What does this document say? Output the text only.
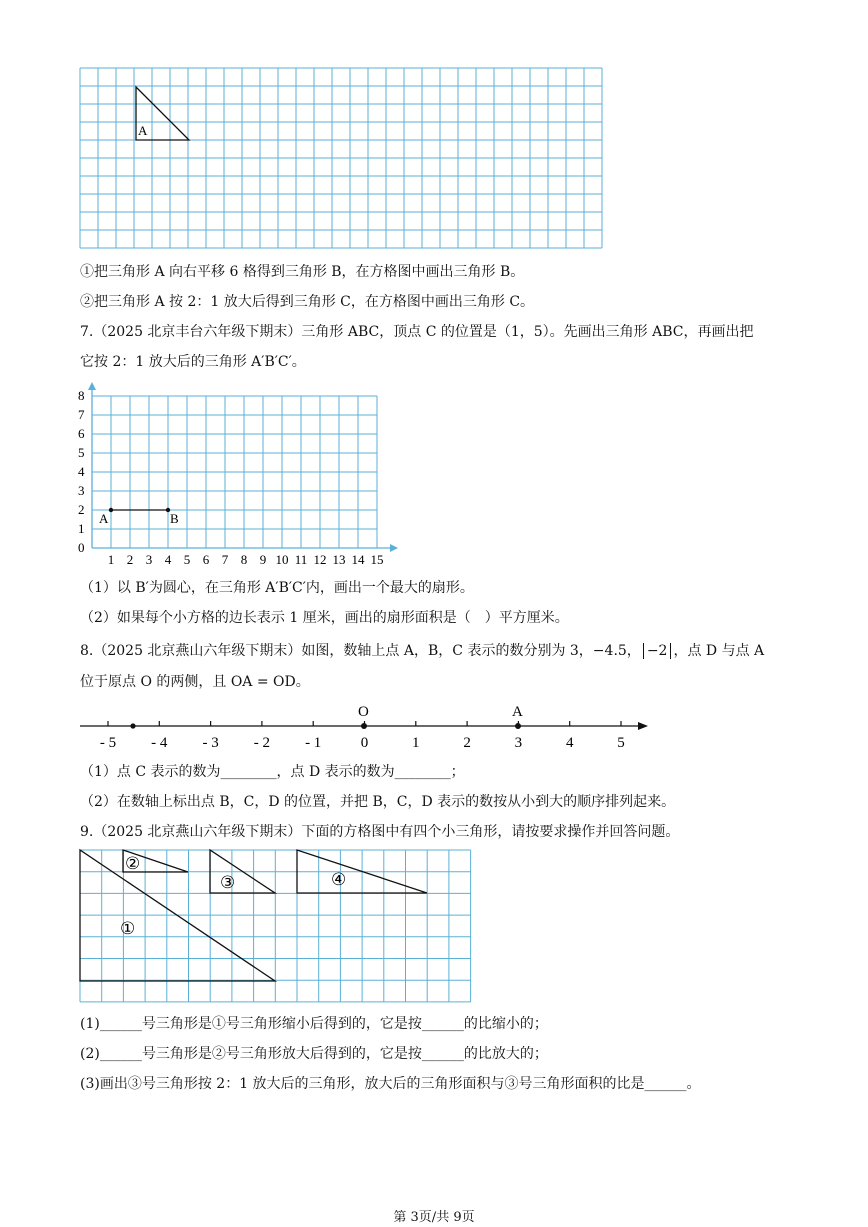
A
①把三角形 A 向右平移 6 格得到三角形 B，在方格图中画出三角形 B。
②把三角形 A 按 2：1 放大后得到三角形 C，在方格图中画出三角形 C。
7.（2025 北京丰台六年级下期末）三角形 ABC，顶点 C 的位置是（1，5）。先画出三角形 ABC，再画出把
它按 2：1 放大后的三角形 A′B′C′。
0
1
2
3
4
5
6
7
8
1 2 3 4 5 6 7 8 9 10 11 12 13 14 15
A	B
（1）以 B′为圆心，在三角形 A′B′C′内，画出一个最大的扇形。
（2）如果每个小方格的边长表示 1 厘米，画出的扇形面积是（　）平方厘米。
8.（2025 北京燕山六年级下期末）如图，数轴上点 A，B，C 表示的数分别为 3，−4.5， −2 ，点 D 与点 A
位于原点 O 的两侧，且 OA = OD。
- 5 - 4 - 3 - 2 - 1	0	1	2	3	4	5
O	A
（1）点 C 表示的数为________，点 D 表示的数为________；
（2）在数轴上标出点 B，C，D 的位置，并把 B，C，D 表示的数按从小到大的顺序排列起来。
9.（2025 北京燕山六年级下期末）下面的方格图中有四个小三角形，请按要求操作并回答问题。
①
②
③	④
(1)______号三角形是①号三角形缩小后得到的，它是按______的比缩小的；
(2)______号三角形是②号三角形放大后得到的，它是按______的比放大的；
(3)画出③号三角形按 2：1 放大后的三角形，放大后的三角形面积与③号三角形面积的比是______。
第 3页/共 9页
